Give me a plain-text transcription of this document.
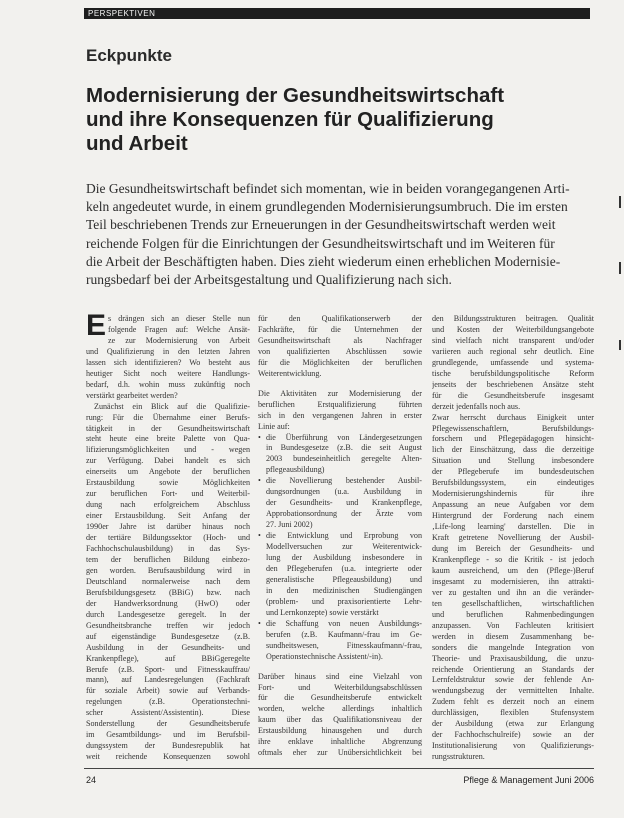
PERSPEKTIVEN
Eckpunkte
Modernisierung der Gesundheitswirtschaft
und ihre Konsequenzen für Qualifizierung
und Arbeit
Die Gesundheitswirtschaft befindet sich momentan, wie in beiden vorangegangenen Arti-
keln angedeutet wurde, in einem grundlegenden Modernisierungsumbruch. Die im ersten
Teil beschriebenen Trends zur Erneuerungen in der Gesundheitswirtschaft werden weit
reichende Folgen für die Einrichtungen der Gesundheitswirtschaft und im Weiteren für
die Arbeit der Beschäftigten haben. Dies zieht wiederum einen erheblichen Modernisie-
rungsbedarf bei der Arbeitsgestaltung und Qualifizierung nach sich.
E s drängen sich an dieser Stelle nun
folgende Fragen auf: Welche Ansät-
ze zur Modernisierung von Arbeit
und Qualifizierung in den letzten Jahren
lassen sich identifizieren? Wo besteht aus
heutiger Sicht noch weitere Handlungs-
bedarf, d.h. wohin muss zukünftig noch
verstärkt gearbeitet werden?
Zunächst ein Blick auf die Qualifizie-
rung: Für die Übernahme einer Berufs-
tätigkeit in der Gesundheitswirtschaft
steht heute eine breite Palette von Qua-
lifizierungsmöglichkeiten und - wegen
zur Verfügung. Dabei handelt es sich
einerseits um Angebote der beruflichen
Erstausbildung sowie Möglichkeiten
zur beruflichen Fort- und Weiterbil-
dung nach erfolgreichem Abschluss
einer Erstausbildung. Seit Anfang der
1990er Jahre ist darüber hinaus noch
der tertiäre Bildungssektor (Hoch- und
Fachhochschulausbildung) in das Sys-
tem der beruflichen Bildung einbezo-
gen worden. Berufsausbildung wird in
Deutschland normalerweise nach dem
Berufsbildungsgesetz (BBiG) bzw. nach
der Handwerksordnung (HwO) oder
durch Landesgesetze geregelt. In der
Gesundheitsbranche treffen wir jedoch
auf eigenständige Bundesgesetze (z.B.
Ausbildung in der Gesundheits- und
Krankenpflege), auf BBiGgeregelte
Berufe (z.B. Sport- und Fitnesskauffrau/
mann), auf Landesregelungen (Fachkraft
für soziale Arbeit) sowie auf Verbands-
regelungen (z.B. Operationstechni-
scher Assistent/Assistentin). Diese
Sonderstellung der Gesundheitsberufe
im Gesamtbildungs- und im Berufsbil-
dungssystem der Bundesrepublik hat
weit reichende Konsequenzen sowohl
für den Qualifikationserwerb der
Fachkräfte, für die Unternehmen der
Gesundheitswirtschaft als Nachfrager
von qualifizierten Abschlüssen sowie
für die Möglichkeiten der beruflichen
Weiterentwicklung.
Die Aktivitäten zur Modernisierung der
beruflichen Erstqualifizierung führten
sich in den vergangenen Jahren in erster
Linie auf:
• die Überführung von Ländergesetzungen
in Bundesgesetze (z.B. die seit August
2003 bundeseinheitlich geregelte Alten-
pflegeausbildung)
• die Novellierung bestehender Ausbil-
dungsordnungen (u.a. Ausbildung in
der Gesundheits- und Krankenpflege,
Approbationsordnung der Ärzte vom
27. Juni 2002)
• die Entwicklung und Erprobung von
Modellversuchen zur Weiterentwick-
lung der Ausbildung insbesondere in
den Pflegeberufen (u.a. integrierte oder
generalistische Pflegeausbildung) und
in den medizinischen Studiengängen
(problem- und praxisorientierte Lehr-
und Lernkonzepte) sowie verstärkt
• die Schaffung von neuen Ausbildungs-
berufen (z.B. Kaufmann/-frau im Ge-
sundheitswesen, Fitnesskaufmann/-frau,
Operationstechnische Assistent/-in).
Darüber hinaus sind eine Vielzahl von
Fort- und Weiterbildungsabschlüssen
für die Gesundheitsberufe entwickelt
worden, welche allerdings inhaltlich
kaum über das Qualifikationsniveau der
Erstausbildung hinausgehen und durch
ihre enklave inhaltliche Abgrenzung
oftmals eher zur Unübersichtlichkeit bei
den Bildungsstrukturen beitragen. Qualität
und Kosten der Weiterbildungsangebote
sind vielfach nicht transparent und/oder
variieren auch regional sehr deutlich. Eine
grundlegende, umfassende und systema-
tische berufsbildungspolitische Reform
jenseits der beschriebenen Ansätze steht
für die Gesundheitsberufe insgesamt
derzeit jedenfalls noch aus.
Zwar herrscht durchaus Einigkeit unter
Pflegewissenschaftlern, Berufsbildungs-
forschern und Pflegepädagogen hinsicht-
lich der Einschätzung, dass die derzeitige
Situation und Stellung insbesondere
der Pflegeberufe im bundesdeutschen
Berufsbildungssystem, ein eindeutiges
Modernisierungshindernis für ihre
Anpassung an neue Aufgaben vor dem
Hintergrund der Forderung nach einem
‚Life-long learning' darstellen. Die in
Kraft getretene Novellierung der Ausbil-
dung im Bereich der Gesundheits- und
Krankenpflege - so die Kritik - ist jedoch
kaum ausreichend, um den (Pflege-)Beruf
insgesamt zu modernisieren, ihn attrakti-
ver zu gestalten und ihn an die veränder-
ten gesellschaftlichen, wirtschaftlichen
und beruflichen Rahmenbedingungen
anzupassen. Von Fachleuten kritisiert
werden in diesem Zusammenhang be-
sonders die mangelnde Integration von
Theorie- und Praxisausbildung, die unzu-
reichende Orientierung an Standards der
Lernfeldstruktur sowie der fehlende An-
wendungsbezug der vermittelten Inhalte.
Zudem fehlt es derzeit noch an einem
durchlässigen, flexiblen Stufensystem
der Ausbildung (etwa zur Erlangung
der Fachhochschulreife) sowie an der
Institutionalisierung von Qualifizierungs-
rungsstrukturen.
24	Pflege & Management Juni 2006
